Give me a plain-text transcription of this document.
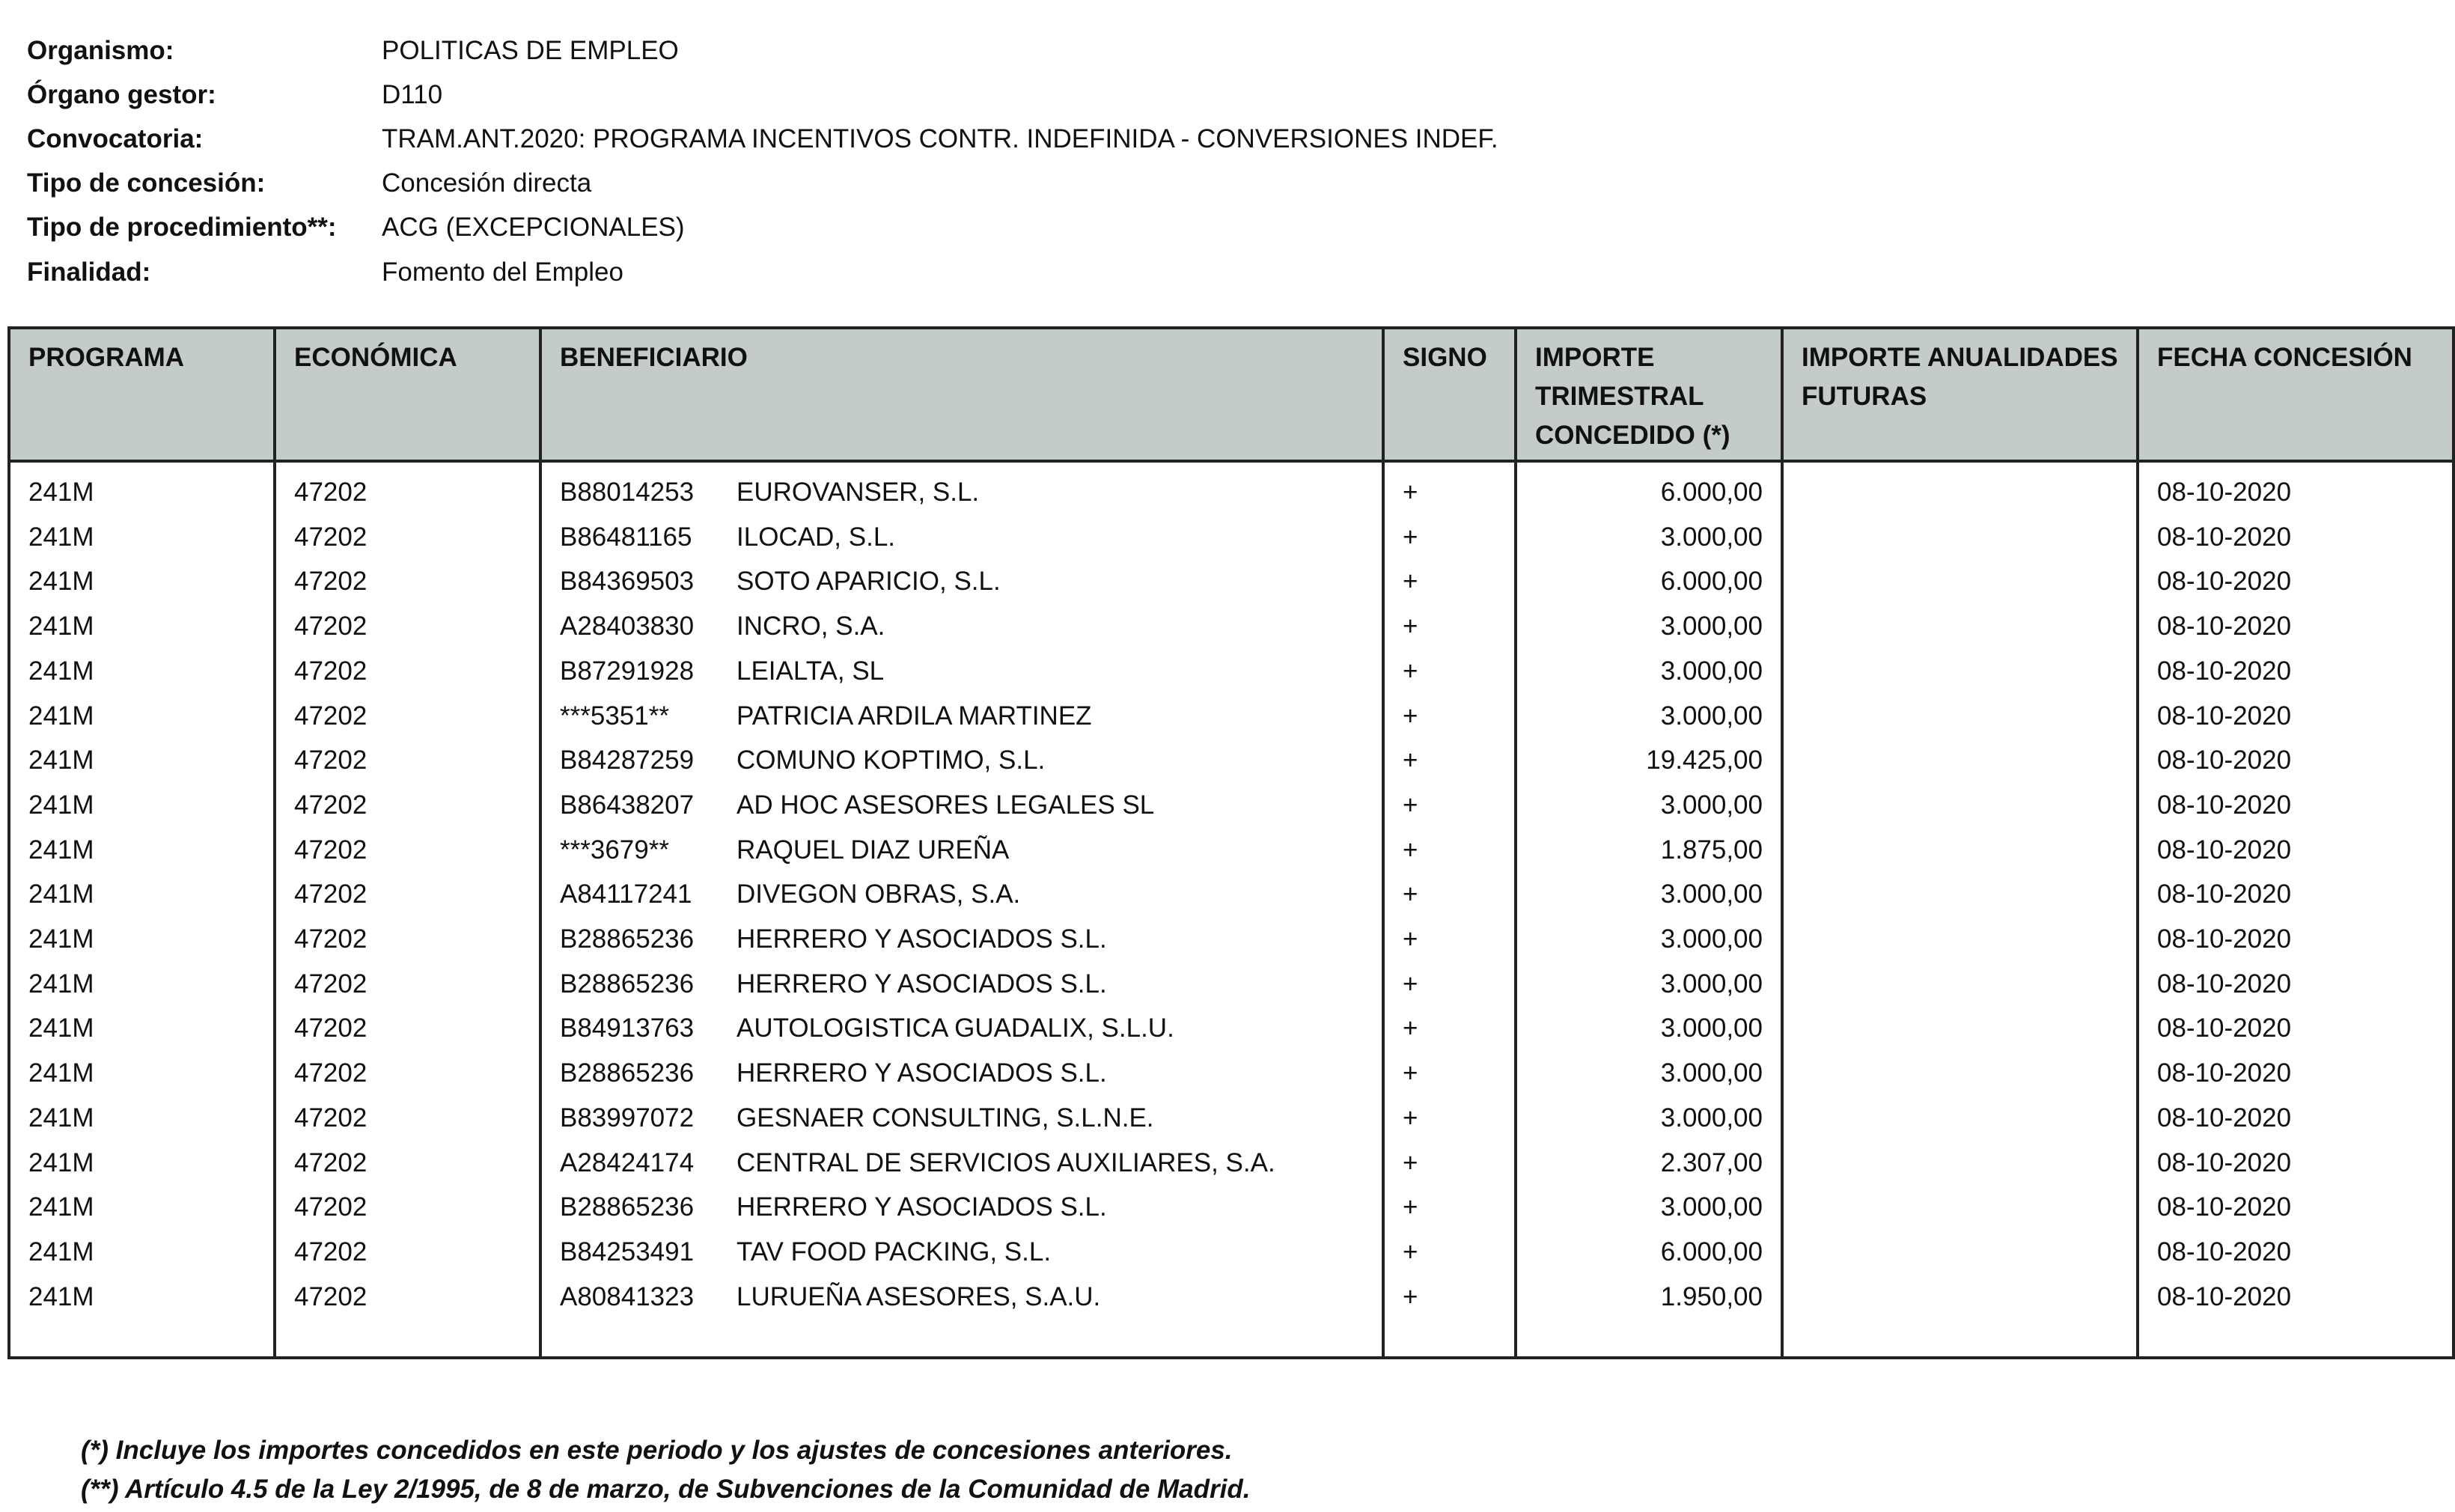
Organismo:	POLITICAS DE EMPLEO
Órgano gestor:	D110
Convocatoria:	TRAM.ANT.2020: PROGRAMA INCENTIVOS CONTR. INDEFINIDA - CONVERSIONES INDEF.
Tipo de concesión:	Concesión directa
Tipo de procedimiento**:	ACG (EXCEPCIONALES)
Finalidad:	Fomento del Empleo
PROGRAMA	ECONÓMICA	BENEFICIARIO	SIGNO	IMPORTE TRIMESTRAL CONCEDIDO (*)	IMPORTE ANUALIDADES FUTURAS	FECHA CONCESIÓN
241M	47202	B88014253 EUROVANSER, S.L.	+	6.000,00		08-10-2020
241M	47202	B86481165 ILOCAD, S.L.	+	3.000,00		08-10-2020
241M	47202	B84369503 SOTO APARICIO, S.L.	+	6.000,00		08-10-2020
241M	47202	A28403830 INCRO, S.A.	+	3.000,00		08-10-2020
241M	47202	B87291928 LEIALTA, SL	+	3.000,00		08-10-2020
241M	47202	***5351** PATRICIA ARDILA MARTINEZ	+	3.000,00		08-10-2020
241M	47202	B84287259 COMUNO KOPTIMO, S.L.	+	19.425,00		08-10-2020
241M	47202	B86438207 AD HOC ASESORES LEGALES SL	+	3.000,00		08-10-2020
241M	47202	***3679** RAQUEL DIAZ UREÑA	+	1.875,00		08-10-2020
241M	47202	A84117241 DIVEGON OBRAS, S.A.	+	3.000,00		08-10-2020
241M	47202	B28865236 HERRERO Y ASOCIADOS S.L.	+	3.000,00		08-10-2020
241M	47202	B28865236 HERRERO Y ASOCIADOS S.L.	+	3.000,00		08-10-2020
241M	47202	B84913763 AUTOLOGISTICA GUADALIX, S.L.U.	+	3.000,00		08-10-2020
241M	47202	B28865236 HERRERO Y ASOCIADOS S.L.	+	3.000,00		08-10-2020
241M	47202	B83997072 GESNAER CONSULTING, S.L.N.E.	+	3.000,00		08-10-2020
241M	47202	A28424174 CENTRAL DE SERVICIOS AUXILIARES, S.A.	+	2.307,00		08-10-2020
241M	47202	B28865236 HERRERO Y ASOCIADOS S.L.	+	3.000,00		08-10-2020
241M	47202	B84253491 TAV FOOD PACKING, S.L.	+	6.000,00		08-10-2020
241M	47202	A80841323 LURUEÑA ASESORES, S.A.U.	+	1.950,00		08-10-2020

(*) Incluye los importes concedidos en este periodo y los ajustes de concesiones anteriores.
(**) Artículo 4.5 de la Ley 2/1995, de 8 de marzo, de Subvenciones de la Comunidad de Madrid.
